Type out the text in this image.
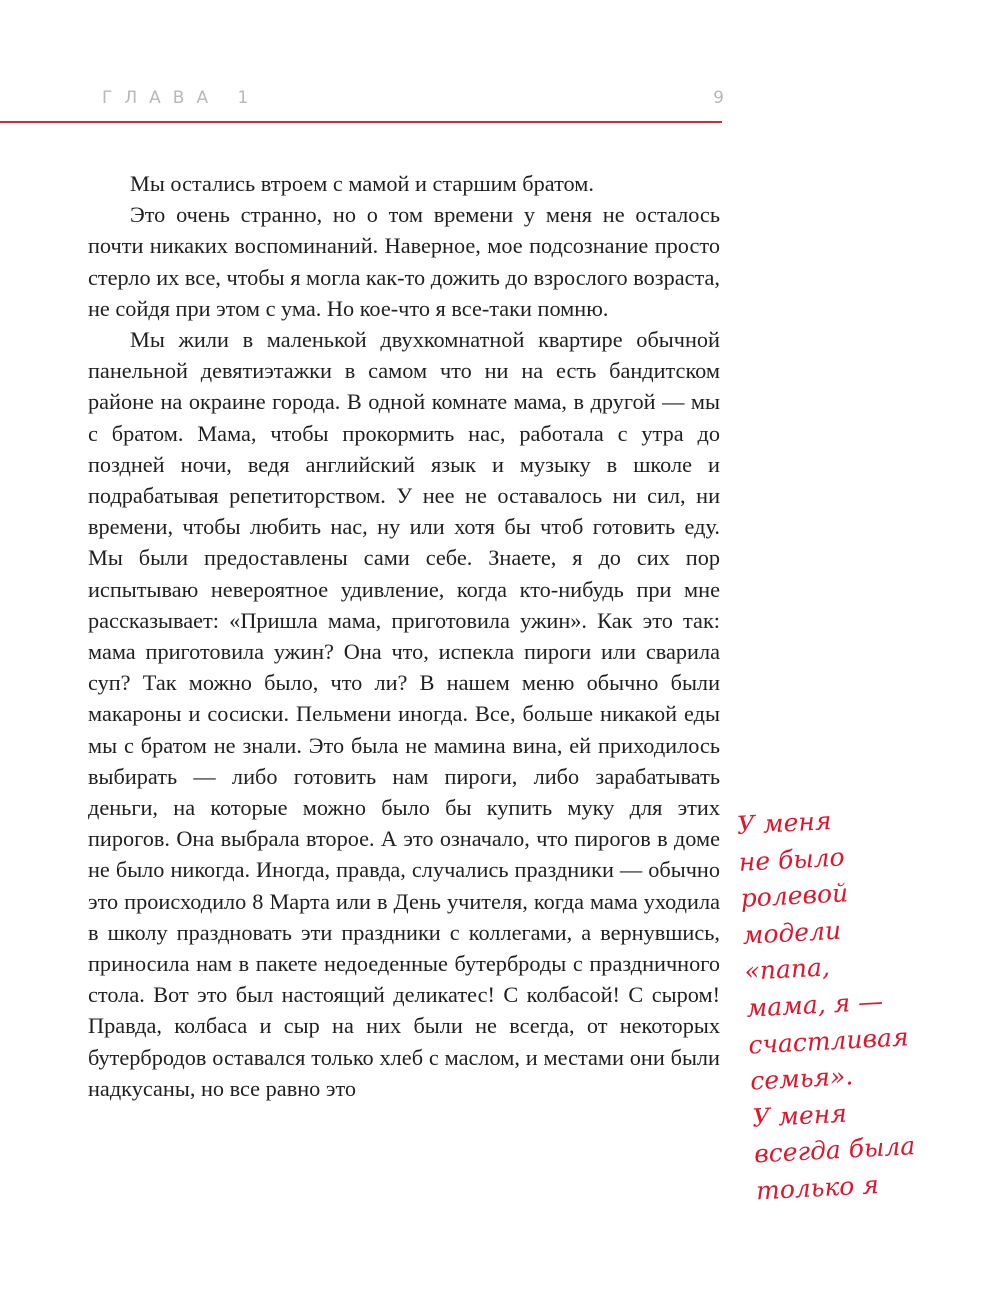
ГЛАВА 1	9

Мы остались втроем с мамой и старшим братом.

Это очень странно, но о том времени у меня не осталось почти никаких воспоминаний. Наверное, мое подсознание просто стерло их все, чтобы я могла как-то дожить до взрослого возраста, не сойдя при этом с ума. Но кое-что я все-таки помню.

Мы жили в маленькой двухкомнатной квартире обычной панельной девятиэтажки в самом что ни на есть бандитском районе на окраине города. В одной комнате мама, в другой — мы с братом. Мама, чтобы прокормить нас, работала с утра до поздней ночи, ведя английский язык и музыку в школе и подрабатывая репетиторством. У нее не оставалось ни сил, ни времени, чтобы любить нас, ну или хотя бы чтоб готовить еду. Мы были предоставлены сами себе. Знаете, я до сих пор испытываю невероятное удивление, когда кто-нибудь при мне рассказывает: «Пришла мама, приготовила ужин». Как это так: мама приготовила ужин? Она что, испекла пироги или сварила суп? Так можно было, что ли? В нашем меню обычно были макароны и сосиски. Пельмени иногда. Все, больше никакой еды мы с братом не знали. Это была не мамина вина, ей приходилось выбирать — либо готовить нам пироги, либо зарабатывать деньги, на которые можно было бы купить муку для этих пирогов. Она выбрала второе. А это означало, что пирогов в доме не было никогда. Иногда, правда, случались праздники — обычно это происходило 8 Марта или в День учителя, когда мама уходила в школу праздновать эти праздники с коллегами, а вернувшись, приносила нам в пакете недоеденные бутерброды с праздничного стола. Вот это был настоящий деликатес! С колбасой! С сыром! Правда, колбаса и сыр на них были не всегда, от некоторых бутербродов оставался только хлеб с маслом, и местами они были надкусаны, но все равно это

У меня
не было
ролевой
модели
«папа,
мама, я —
счастливая
семья».
У меня
всегда была
только я
